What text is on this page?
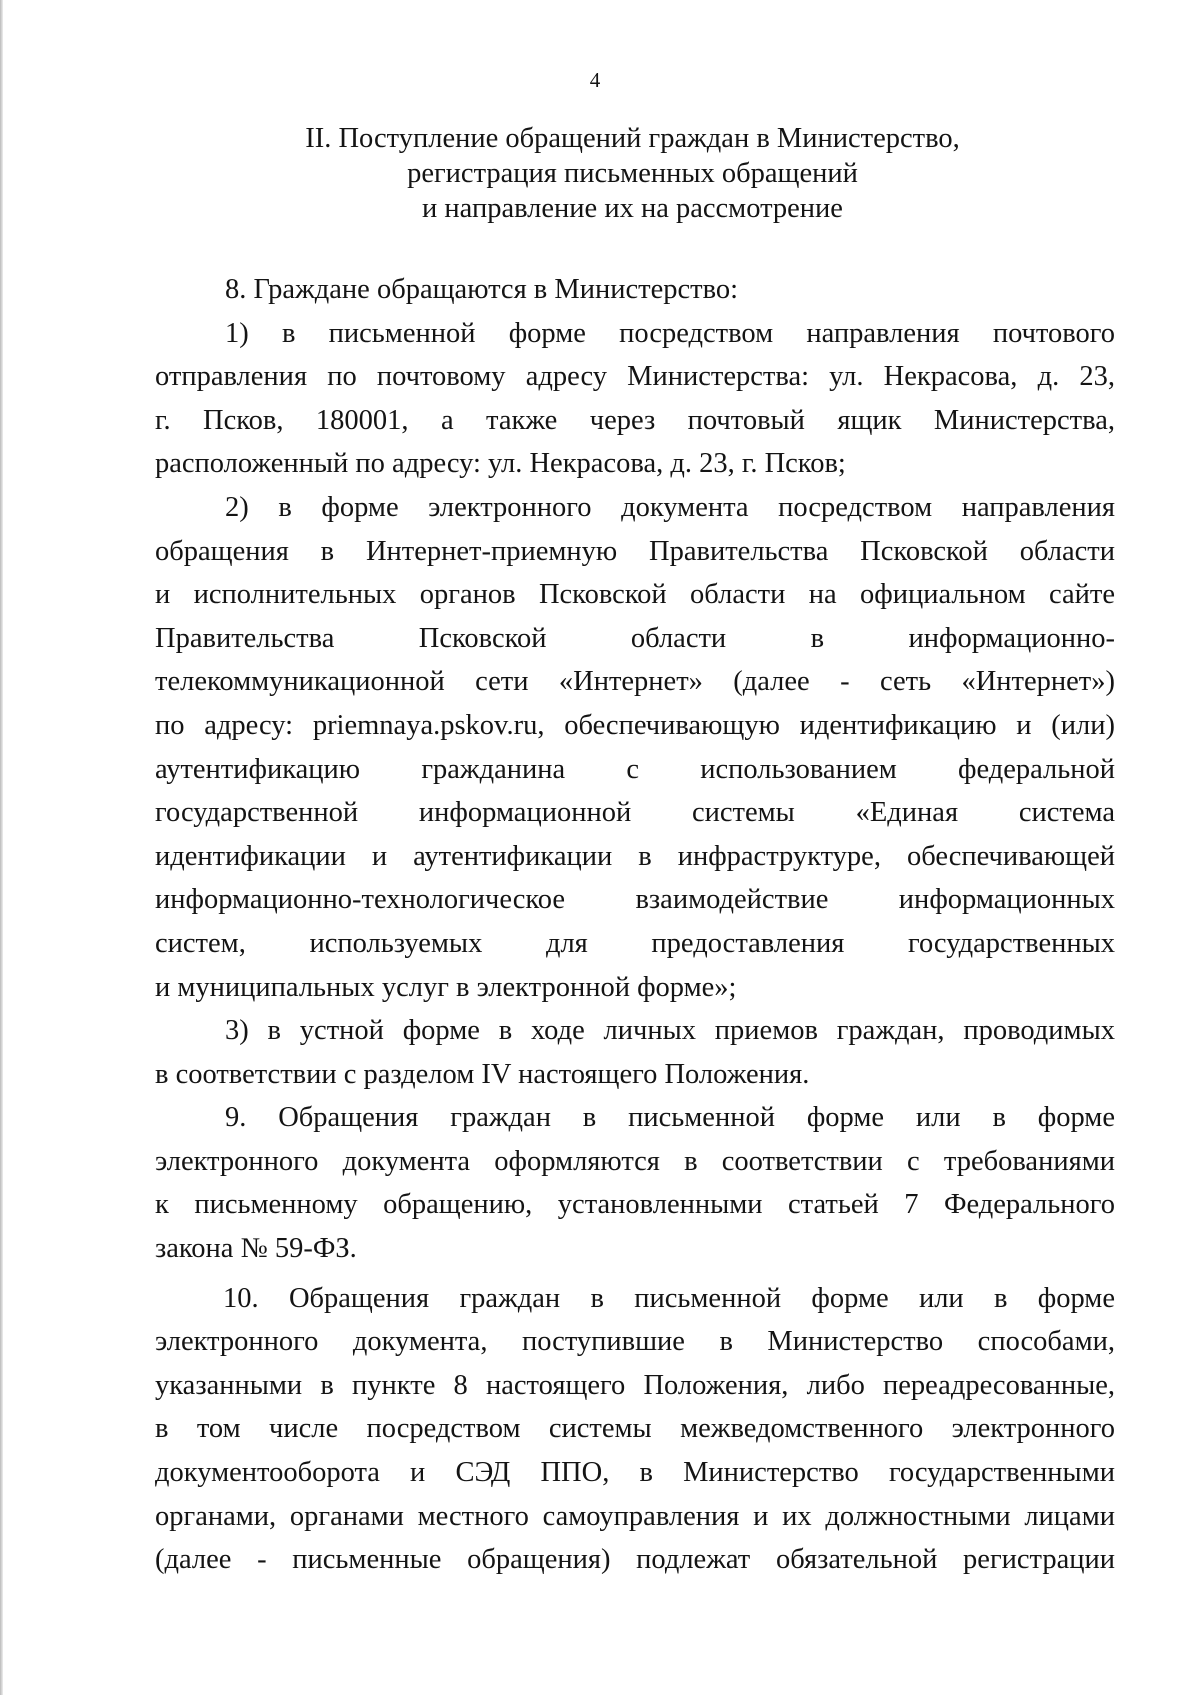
4
II. Поступление обращений граждан в Министерство,
регистрация письменных обращений
и направление их на рассмотрение
8. Граждане обращаются в Министерство:
1) в письменной форме посредством направления почтового
отправления по почтовому адресу Министерства: ул. Некрасова, д. 23,
г. Псков, 180001, а также через почтовый ящик Министерства,
расположенный по адресу: ул. Некрасова, д. 23, г. Псков;
2) в форме электронного документа посредством направления
обращения в Интернет-приемную Правительства Псковской области
и исполнительных органов Псковской области на официальном сайте
Правительства Псковской области в информационно-
телекоммуникационной сети «Интернет» (далее - сеть «Интернет»)
по адресу: priemnaya.pskov.ru, обеспечивающую идентификацию и (или)
аутентификацию гражданина с использованием федеральной
государственной информационной системы «Единая система
идентификации и аутентификации в инфраструктуре, обеспечивающей
информационно-технологическое взаимодействие информационных
систем, используемых для предоставления государственных
и муниципальных услуг в электронной форме»;
3) в устной форме в ходе личных приемов граждан, проводимых
в соответствии с разделом IV настоящего Положения.
9. Обращения граждан в письменной форме или в форме
электронного документа оформляются в соответствии с требованиями
к письменному обращению, установленными статьей 7 Федерального
закона № 59-ФЗ.
10. Обращения граждан в письменной форме или в форме
электронного документа, поступившие в Министерство способами,
указанными в пункте 8 настоящего Положения, либо переадресованные,
в том числе посредством системы межведомственного электронного
документооборота и СЭД ППО, в Министерство государственными
органами, органами местного самоуправления и их должностными лицами
(далее - письменные обращения) подлежат обязательной регистрации
